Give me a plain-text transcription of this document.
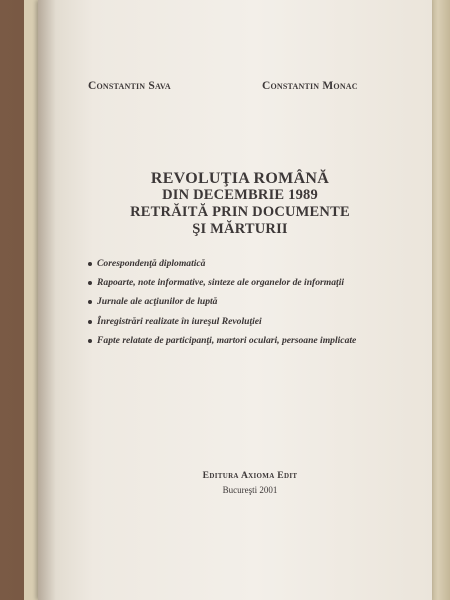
Constantin Sava	Constantin Monac
REVOLUŢIA ROMÂNĂ
DIN DECEMBRIE 1989
RETRĂITĂ PRIN DOCUMENTE
ŞI MĂRTURII
Corespondenţă diplomatică
Rapoarte, note informative, sinteze ale organelor de informaţii
Jurnale ale acţiunilor de luptă
Înregistrări realizate în iureşul Revoluţiei
Fapte relatate de participanţi, martori oculari, persoane implicate
Editura Axioma Edit
Bucureşti 2001
